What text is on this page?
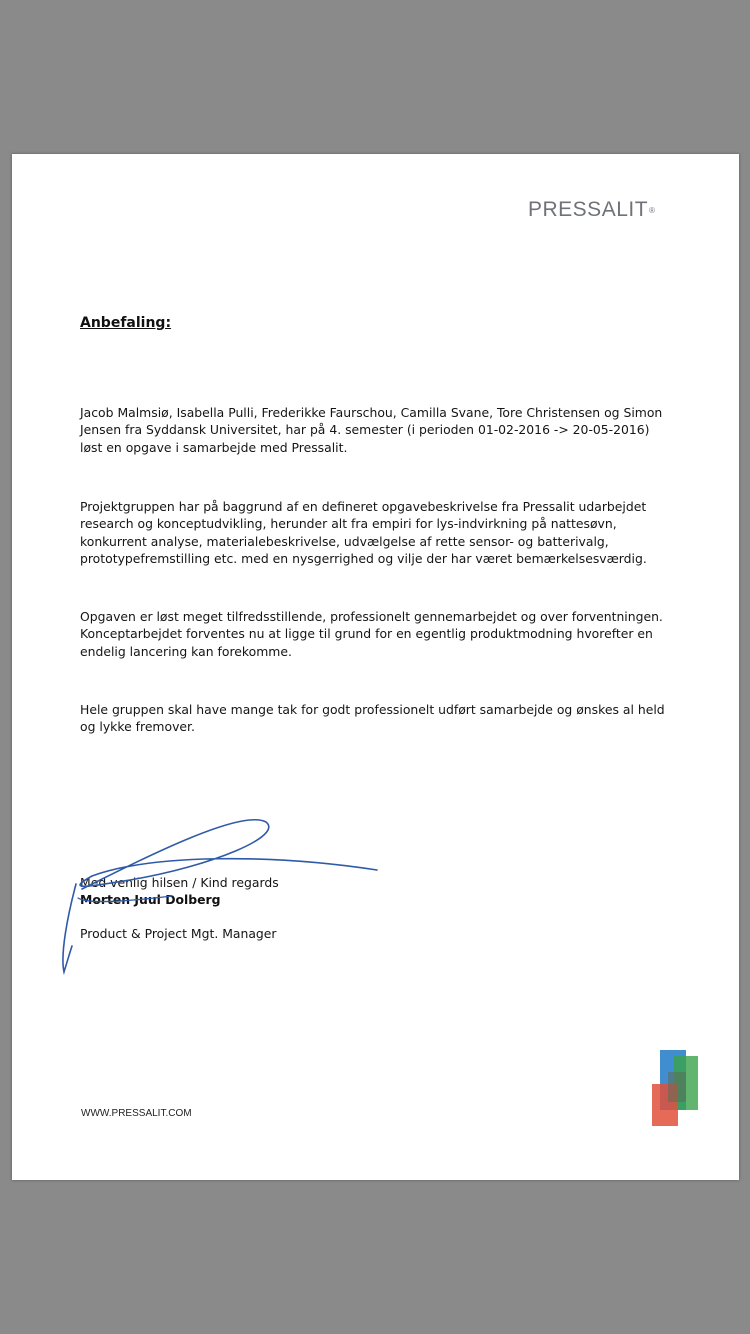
PRESSALIT®
Anbefaling:
Jacob Malmsiø, Isabella Pulli, Frederikke Faurschou, Camilla Svane, Tore Christensen og Simon Jensen fra Syddansk Universitet, har på 4. semester (i perioden 01-02-2016 -> 20-05-2016) løst en opgave i samarbejde med Pressalit.
Projektgruppen har på baggrund af en defineret opgavebeskrivelse fra Pressalit udarbejdet research og konceptudvikling, herunder alt fra empiri for lys-indvirkning på nattesøvn, konkurrent analyse, materialebeskrivelse, udvælgelse af rette sensor- og batterivalg, prototypefremstilling etc. med en nysgerrighed og vilje der har været bemærkelsesværdig.
Opgaven er løst meget tilfredsstillende, professionelt gennemarbejdet og over forventningen. Konceptarbejdet forventes nu at ligge til grund for en egentlig produktmodning hvorefter en endelig lancering kan forekomme.
Hele gruppen skal have mange tak for godt professionelt udført samarbejde og ønskes al held og lykke fremover.
Med venlig hilsen / Kind regards
Morten Juul Dolberg
Product & Project Mgt. Manager
WWW.PRESSALIT.COM
